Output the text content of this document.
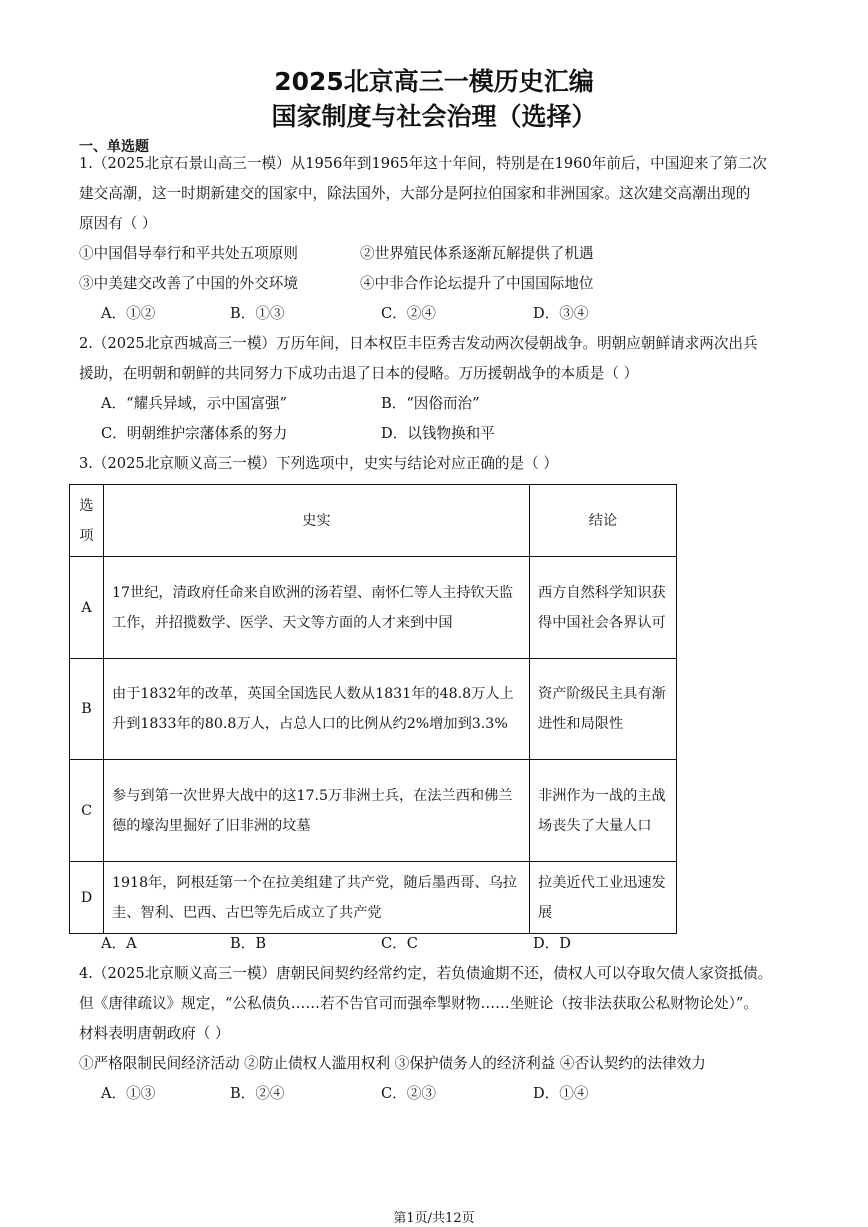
2025北京高三一模历史汇编
国家制度与社会治理（选择）
一、单选题
1.（2025北京石景山高三一模）从1956年到1965年这十年间，特别是在1960年前后，中国迎来了第二次
建交高潮，这一时期新建交的国家中，除法国外，大部分是阿拉伯国家和非洲国家。这次建交高潮出现的
原因有（ ）
①中国倡导奉行和平共处五项原则	②世界殖民体系逐渐瓦解提供了机遇
③中美建交改善了中国的外交环境	④中非合作论坛提升了中国国际地位
A．①②	B．①③	C．②④	D．③④
2.（2025北京西城高三一模）万历年间，日本权臣丰臣秀吉发动两次侵朝战争。明朝应朝鲜请求两次出兵
援助，在明朝和朝鲜的共同努力下成功击退了日本的侵略。万历援朝战争的本质是（ ）
A．“耀兵异域，示中国富强”	B．“因俗而治”
C．明朝维护宗藩体系的努力	D．以钱物换和平
3.（2025北京顺义高三一模）下列选项中，史实与结论对应正确的是（ ）
选项	史实	结论
A	17世纪，清政府任命来自欧洲的汤若望、南怀仁等人主持钦天监工作，并招揽数学、医学、天文等方面的人才来到中国	西方自然科学知识获得中国社会各界认可
B	由于1832年的改革，英国全国选民人数从1831年的48.8万人上升到1833年的80.8万人，占总人口的比例从约2%增加到3.3%	资产阶级民主具有渐进性和局限性
C	参与到第一次世界大战中的这17.5万非洲士兵，在法兰西和佛兰德的壕沟里掘好了旧非洲的坟墓	非洲作为一战的主战场丧失了大量人口
D	1918年，阿根廷第一个在拉美组建了共产党，随后墨西哥、乌拉圭、智利、巴西、古巴等先后成立了共产党	拉美近代工业迅速发展
A．A	B．B	C．C	D．D
4.（2025北京顺义高三一模）唐朝民间契约经常约定，若负债逾期不还，债权人可以夺取欠债人家资抵债。
但《唐律疏议》规定，“公私债负……若不告官司而强牵掣财物……坐赃论（按非法获取公私财物论处）”。
材料表明唐朝政府（ ）
①严格限制民间经济活动 ②防止债权人滥用权利 ③保护债务人的经济利益 ④否认契约的法律效力
A．①③	B．②④	C．②③	D．①④
第1页/共12页
